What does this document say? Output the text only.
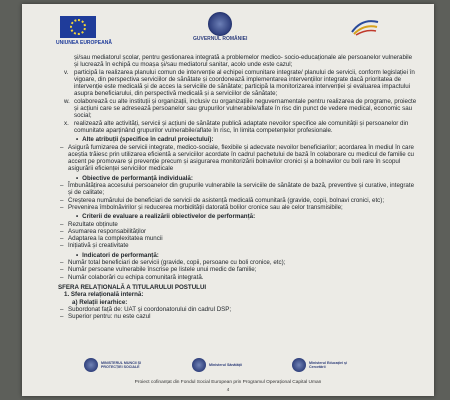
UNIUNEA EUROPEANĂ
GUVERNUL ROMÂNIEI
și/sau mediatorul școlar, pentru gestionarea integrată a problemelor medico- socio-educaționale ale persoanelor vulnerabile și lucrează în echipă cu moașa și/sau mediatorul sanitar, acolo unde este cazul;
v. participă la realizarea planului comun de intervenție al echipei comunitare integrate/ planului de servicii, conform legislației în vigoare, din perspectiva serviciilor de sănătate și coordonează implementarea intervențiilor integrate dacă prioritatea de intervenție este medicală și de acces la serviciile de sănătate; participă la monitorizarea intervenției și evaluarea impactului asupra beneficiarului, din perspectivă medicală și a serviciilor de sănătate;
w. colaborează cu alte instituții și organizații, inclusiv cu organizațiile neguvernamentale pentru realizarea de programe, proiecte și acțiuni care se adresează persoanelor sau grupurilor vulnerabile/aflate în risc din punct de vedere medical, economic sau social;
x. realizează alte activități, servicii și acțiuni de sănătate publică adaptate nevoilor specifice ale comunității și persoanelor din comunitate aparținând grupurilor vulnerabile/aflate în risc, în limita competențelor profesionale.
• Alte atribuții (specifice în cadrul proiectului):
– Asigură furnizarea de servicii integrate, medico-sociale, flexibile și adecvate nevoilor beneficiarilor; acordarea în mediul în care aceștia trăiesc prin utilizarea eficientă a serviciilor acordate în cadrul pachetului de bază în colaborare cu medicul de familie cu accent pe promovare și prevenție precum și asigurarea monitorizării bolnavilor cronici și a bolnavilor cu boli rare în scopul asigurării eficienței serviciilor medicale
• Obiective de performanță individuală:
– Îmbunătățirea accesului persoanelor din grupurile vulnerabile la serviciile de sănătate de bază, preventive și curative, integrate și de calitate;
– Creșterea numărului de beneficiari de servicii de asistență medicală comunitară (gravide, copii, bolnavi cronici, etc);
– Prevenirea îmbolnăvirilor și reducerea morbidității datorată bolilor cronice sau ale celor transmisibile;
• Criterii de evaluare a realizării obiectivelor de performanță:
– Rezultate obținute
– Asumarea responsabilităților
– Adaptarea la complexitatea muncii
– Inițiativă și creativitate
• Indicatori de performanță:
– Număr total beneficiari de servicii (gravide, copii, persoane cu boli cronice, etc);
– Număr persoane vulnerabile înscrise pe listele unui medic de familie;
– Număr colaborări cu echipa comunitară integrată.
SFERA RELAȚIONALĂ A TITULARULUI POSTULUI
1. Sfera relațională internă:
a) Relații ierarhice:
– Subordonat față de: UAT și coordonatorului din cadrul DSP;
– Superior pentru: nu este cazul
MINISTERUL MUNCII ȘI PROTECȚIEI SOCIALE	Ministerul Sănătății	Ministerul Educației și Cercetării
Proiect cofinanțat din Fondul Social European prin Programul Operațional Capital Uman
4
